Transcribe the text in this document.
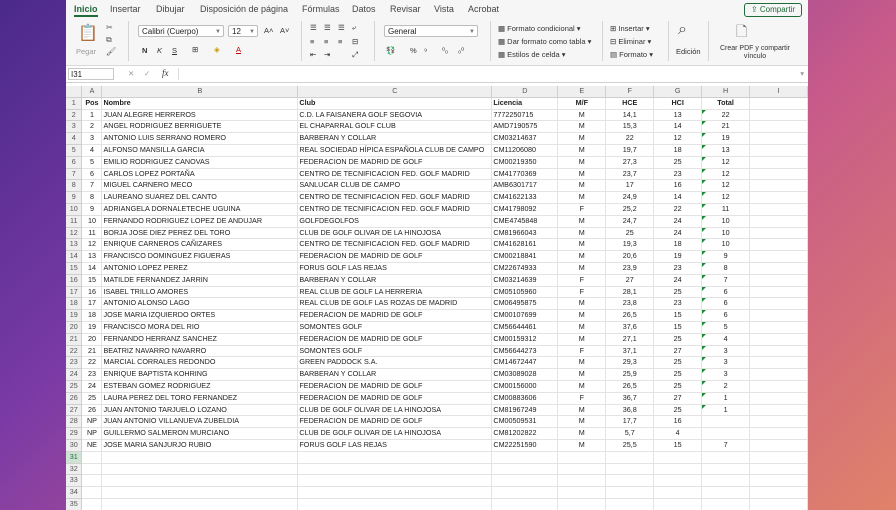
Inicio Insertar Dibujar Disposición de página Fórmulas Datos Revisar Vista Acrobat	⇪ Compartir
📋
Pegar
✂
⧉
🖌
Calibri (Cuerpo)	▼	12 ▼ A˄ A˅
N K S ⊞ ◈ A
☰ ☰ ☰ ⤶
≡ ≡ ≡ ⊟
⇤ ⇥	⤢
General	▼
💱 % ⁹ ⁰₀ ₀⁰
▦ Formato condicional ▾
▦ Dar formato como tabla ▾
▦ Estilos de celda ▾
⊞ Insertar ▾
⊟ Eliminar ▾
▤ Formato ▾
⌕
Edición
🗋
Crear PDF y compartir vínculo
I31	✕ ✓ fx	▾
	A	B	C	D	E	F	G	H	I
1	Pos	Nombre	Club	Licencia	M/F	HCE	HCI	Total	
2	1	JUAN ALEGRE HERREROS	C.D. LA FAISANERA GOLF SEGOVIA	7772250715	M	14,1	13	22	
3	2	ANGEL RODRIGUEZ BERRIGUETE	EL CHAPARRAL GOLF CLUB	AMD7190575	M	15,3	14	21	
4	3	ANTONIO LUIS SERRANO ROMERO	BARBERAN Y COLLAR	CM03214637	M	22	12	19	
5	4	ALFONSO MANSILLA GARCIA	REAL SOCIEDAD HÍPICA ESPAÑOLA CLUB DE CAMPO	CM11206080	M	19,7	18	13	
6	5	EMILIO RODRIGUEZ CANOVAS	FEDERACION DE MADRID DE GOLF	CM00219350	M	27,3	25	12	
7	6	CARLOS LOPEZ PORTAÑA	CENTRO DE TECNIFICACION FED. GOLF MADRID	CM41770369	M	23,7	23	12	
8	7	MIGUEL CARNERO MECO	SANLUCAR CLUB DE CAMPO	AMB6301717	M	17	16	12	
9	8	LAUREANO SUAREZ DEL CANTO	CENTRO DE TECNIFICACION FED. GOLF MADRID	CM41622133	M	24,9	14	12	
10	9	ADRIANGELA DORNALETECHE UGUINA	CENTRO DE TECNIFICACION FED. GOLF MADRID	CM41798092	F	25,2	22	11	
11	10	FERNANDO RODRIGUEZ LOPEZ DE ANDUJAR	GOLFDEGOLFOS	CME4745848	M	24,7	24	10	
12	11	BORJA JOSE DIEZ PEREZ DEL TORO	CLUB DE GOLF OLIVAR DE LA HINOJOSA	CM81966043	M	25	24	10	
13	12	ENRIQUE CARNEROS CAÑIZARES	CENTRO DE TECNIFICACION FED. GOLF MADRID	CM41628161	M	19,3	18	10	
14	13	FRANCISCO DOMINGUEZ FIGUERAS	FEDERACION DE MADRID DE GOLF	CM00218841	M	20,6	19	9	
15	14	ANTONIO LOPEZ PEREZ	FORUS GOLF LAS REJAS	CM22674933	M	23,9	23	8	
16	15	MATILDE FERNANDEZ JARRIN	BARBERAN Y COLLAR	CM03214639	F	27	24	7	
17	16	ISABEL TRILLO AMORES	REAL CLUB DE GOLF LA HERRERIA	CM05105960	F	28,1	25	6	
18	17	ANTONIO ALONSO LAGO	REAL CLUB DE GOLF LAS ROZAS DE MADRID	CM06495875	M	23,8	23	6	
19	18	JOSE MARIA IZQUIERDO ORTES	FEDERACION DE MADRID DE GOLF	CM00107699	M	26,5	15	6	
20	19	FRANCISCO MORA DEL RIO	SOMONTES GOLF	CM56644461	M	37,6	15	5	
21	20	FERNANDO HERRANZ SANCHEZ	FEDERACION DE MADRID DE GOLF	CM00159312	M	27,1	25	4	
22	21	BEATRIZ NAVARRO NAVARRO	SOMONTES GOLF	CM56644273	F	37,1	27	3	
23	22	MARCIAL CORRALES REDONDO	GREEN PADDOCK S.A.	CM14672447	M	29,3	25	3	
24	23	ENRIQUE BAPTISTA KOHRING	BARBERAN Y COLLAR	CM03089028	M	25,9	25	3	
25	24	ESTEBAN GOMEZ RODRIGUEZ	FEDERACION DE MADRID DE GOLF	CM00156000	M	26,5	25	2	
26	25	LAURA PEREZ DEL TORO FERNANDEZ	FEDERACION DE MADRID DE GOLF	CM00883606	F	36,7	27	1	
27	26	JUAN ANTONIO TARJUELO LOZANO	CLUB DE GOLF OLIVAR DE LA HINOJOSA	CM81967249	M	36,8	25	1	
28	NP	JUAN ANTONIO VILLANUEVA ZUBELDIA	FEDERACION DE MADRID DE GOLF	CM00509531	M	17,7	16		
29	NP	GUILLERMO SALMERON MURCIANO	CLUB DE GOLF OLIVAR DE LA HINOJOSA	CM81202822	M	5,7	4		
30	NE	JOSE MARIA SANJURJO RUBIO	FORUS GOLF LAS REJAS	CM22251590	M	25,5	15	7	
31									
32									
33									
34									
35									
